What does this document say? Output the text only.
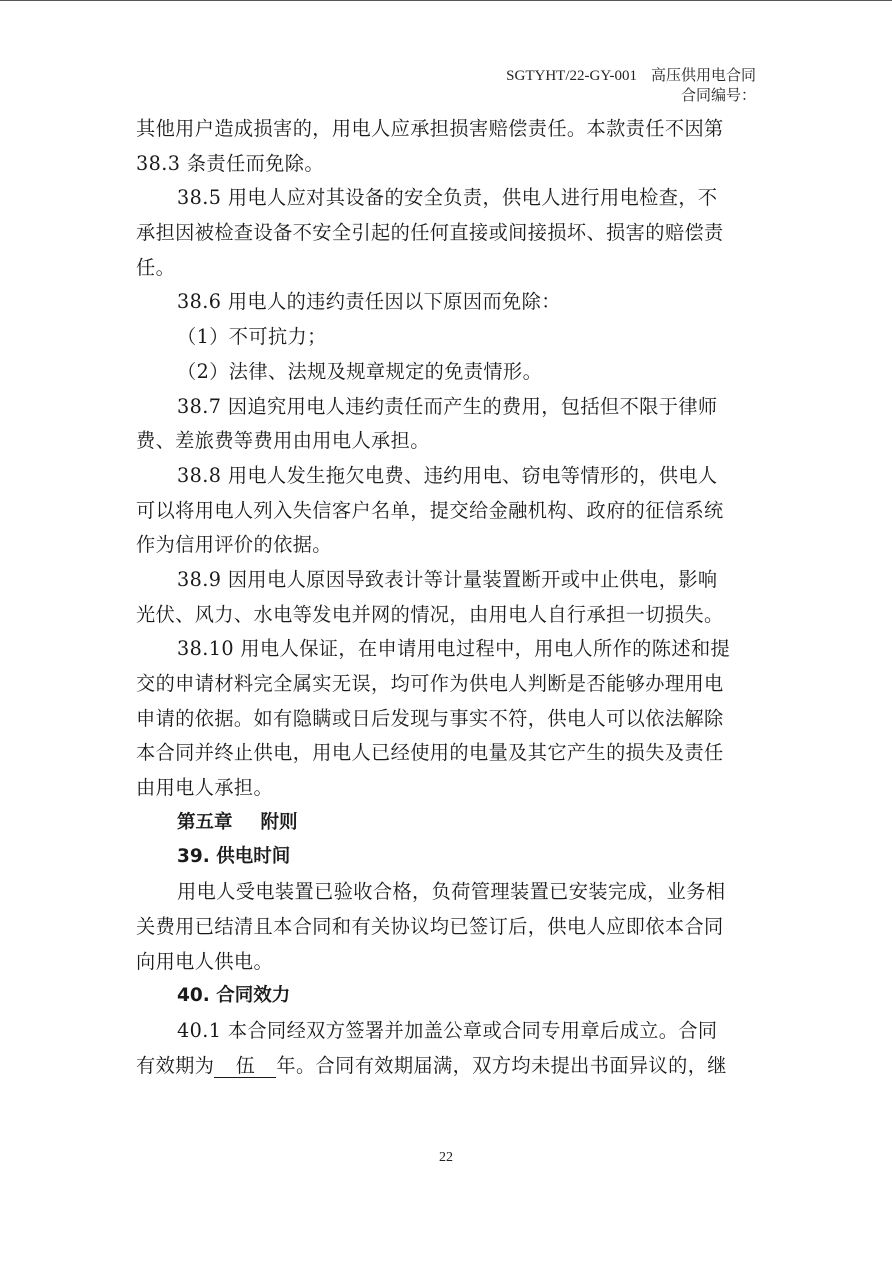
SGTYHT/22-GY-001 高压供用电合同
合同编号：
其他用户造成损害的，用电人应承担损害赔偿责任。本款责任不因第
38.3 条责任而免除。
38.5 用电人应对其设备的安全负责，供电人进行用电检查，不
承担因被检查设备不安全引起的任何直接或间接损坏、损害的赔偿责
任。
38.6 用电人的违约责任因以下原因而免除：
（1）不可抗力；
（2）法律、法规及规章规定的免责情形。
38.7 因追究用电人违约责任而产生的费用，包括但不限于律师
费、差旅费等费用由用电人承担。
38.8 用电人发生拖欠电费、违约用电、窃电等情形的，供电人
可以将用电人列入失信客户名单，提交给金融机构、政府的征信系统
作为信用评价的依据。
38.9 因用电人原因导致表计等计量装置断开或中止供电，影响
光伏、风力、水电等发电并网的情况，由用电人自行承担一切损失。
38.10 用电人保证，在申请用电过程中，用电人所作的陈述和提
交的申请材料完全属实无误，均可作为供电人判断是否能够办理用电
申请的依据。如有隐瞒或日后发现与事实不符，供电人可以依法解除
本合同并终止供电，用电人已经使用的电量及其它产生的损失及责任
由用电人承担。
第五章 附则
39. 供电时间
用电人受电装置已验收合格，负荷管理装置已安装完成，业务相
关费用已结清且本合同和有关协议均已签订后，供电人应即依本合同
向用电人供电。
40. 合同效力
40.1 本合同经双方签署并加盖公章或合同专用章后成立。合同
有效期为 伍 年。合同有效期届满，双方均未提出书面异议的，继
22
